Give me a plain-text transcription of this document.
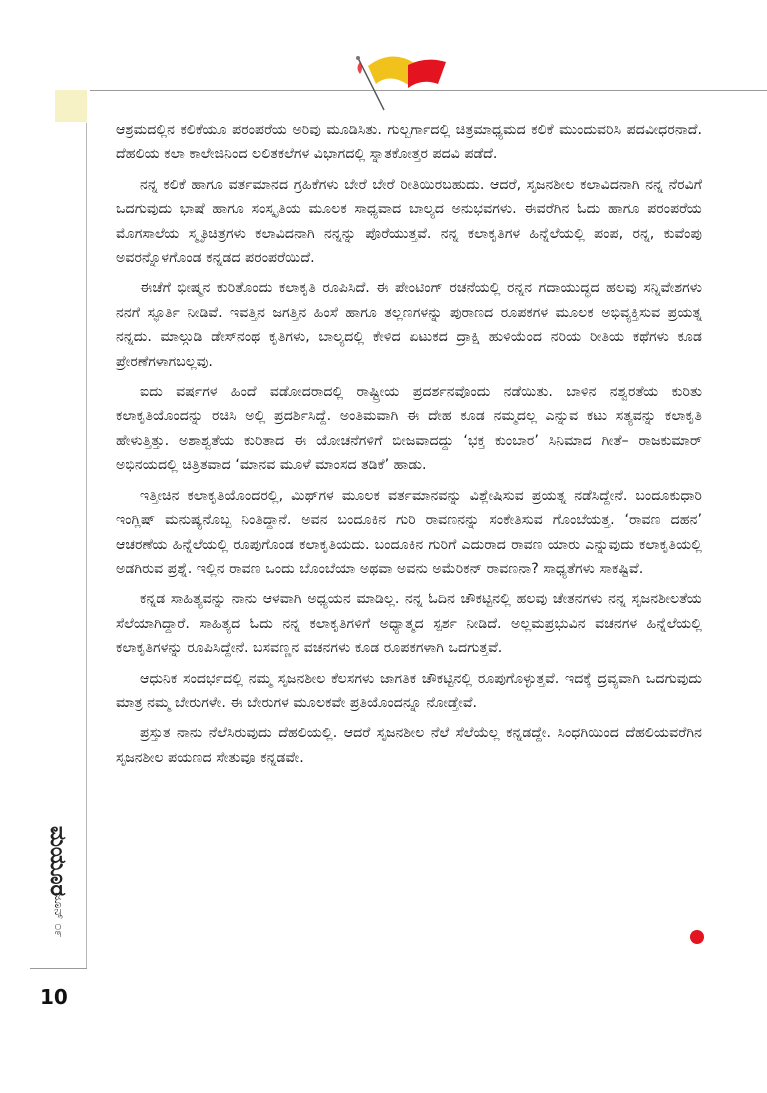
ಮಯೂರ
ಜೂನ್ ೦೯
10

ಆಶ್ರಮದಲ್ಲಿನ ಕಲಿಕೆಯೂ ಪರಂಪರೆಯ ಅರಿವು ಮೂಡಿಸಿತು. ಗುಲ್ಬರ್ಗಾದಲ್ಲಿ ಚಿತ್ರಮಾಧ್ಯಮದ ಕಲಿಕೆ ಮುಂದುವರಿಸಿ ಪದವೀಧರನಾದೆ. ದೆಹಲಿಯ ಕಲಾ ಕಾಲೇಜಿನಿಂದ ಲಲಿತಕಲೆಗಳ ವಿಭಾಗದಲ್ಲಿ ಸ್ನಾತಕೋತ್ತರ ಪದವಿ ಪಡೆದೆ.

ನನ್ನ ಕಲಿಕೆ ಹಾಗೂ ವರ್ತಮಾನದ ಗ್ರಹಿಕೆಗಳು ಬೇರೆ ಬೇರೆ ರೀತಿಯಿರಬಹುದು. ಆದರೆ, ಸೃಜನಶೀಲ ಕಲಾವಿದನಾಗಿ ನನ್ನ ನೆರವಿಗೆ ಒದಗುವುದು ಭಾಷೆ ಹಾಗೂ ಸಂಸ್ಕೃತಿಯ ಮೂಲಕ ಸಾಧ್ಯವಾದ ಬಾಲ್ಯದ ಅನುಭವಗಳು. ಈವರೆಗಿನ ಓದು ಹಾಗೂ ಪರಂಪರೆಯ ಮೊಗಸಾಲೆಯ ಸ್ಮೃತಿಚಿತ್ರಗಳು ಕಲಾವಿದನಾಗಿ ನನ್ನನ್ನು ಪೊರೆಯುತ್ತವೆ. ನನ್ನ ಕಲಾಕೃತಿಗಳ ಹಿನ್ನೆಲೆಯಲ್ಲಿ ಪಂಪ, ರನ್ನ, ಕುವೆಂಪು ಅವರನ್ನೊಳಗೊಂಡ ಕನ್ನಡದ ಪರಂಪರೆಯಿದೆ.

ಈಚೆಗೆ ಭೀಷ್ಮನ ಕುರಿತೊಂದು ಕಲಾಕೃತಿ ರೂಪಿಸಿದೆ. ಈ ಪೇಂಟಿಂಗ್ ರಚನೆಯಲ್ಲಿ ರನ್ನನ ಗದಾಯುದ್ಧದ ಹಲವು ಸನ್ನಿವೇಶಗಳು ನನಗೆ ಸ್ಫೂರ್ತಿ ನೀಡಿವೆ. ಇವತ್ತಿನ ಜಗತ್ತಿನ ಹಿಂಸೆ ಹಾಗೂ ತಲ್ಲಣಗಳನ್ನು ಪುರಾಣದ ರೂಪಕಗಳ ಮೂಲಕ ಅಭಿವ್ಯಕ್ತಿಸುವ ಪ್ರಯತ್ನ ನನ್ನದು. ಮಾಲ್ಗುಡಿ ಡೇಸ್‌ನಂಥ ಕೃತಿಗಳು, ಬಾಲ್ಯದಲ್ಲಿ ಕೇಳಿದ ಏಟುಕದ ದ್ರಾಕ್ಷಿ ಹುಳಿಯೆಂದ ನರಿಯ ರೀತಿಯ ಕಥೆಗಳು ಕೂಡ ಪ್ರೇರಣೆಗಳಾಗಬಲ್ಲವು.

ಐದು ವರ್ಷಗಳ ಹಿಂದೆ ವಡೋದರಾದಲ್ಲಿ ರಾಷ್ಟ್ರೀಯ ಪ್ರದರ್ಶನವೊಂದು ನಡೆಯಿತು. ಬಾಳಿನ ನಶ್ವರತೆಯ ಕುರಿತು ಕಲಾಕೃತಿಯೊಂದನ್ನು ರಚಿಸಿ ಅಲ್ಲಿ ಪ್ರದರ್ಶಿಸಿದ್ದೆ. ಅಂತಿಮವಾಗಿ ಈ ದೇಹ ಕೂಡ ನಮ್ಮದಲ್ಲ ಎನ್ನುವ ಕಟು ಸತ್ಯವನ್ನು ಕಲಾಕೃತಿ ಹೇಳುತ್ತಿತ್ತು. ಅಶಾಶ್ವತೆಯ ಕುರಿತಾದ ಈ ಯೋಚನೆಗಳಿಗೆ ಬೀಜವಾದದ್ದು ‘ಭಕ್ತ ಕುಂಬಾರ’ ಸಿನಿಮಾದ ಗೀತೆ– ರಾಜಕುಮಾರ್ ಅಭಿನಯದಲ್ಲಿ ಚಿತ್ರಿತವಾದ ‘ಮಾನವ ಮೂಳೆ ಮಾಂಸದ ತಡಿಕೆ’ ಹಾಡು.

ಇತ್ತೀಚಿನ ಕಲಾಕೃತಿಯೊಂದರಲ್ಲಿ, ಮಿಥ್‌ಗಳ ಮೂಲಕ ವರ್ತಮಾನವನ್ನು ವಿಶ್ಲೇಷಿಸುವ ಪ್ರಯತ್ನ ನಡೆಸಿದ್ದೇನೆ. ಬಂದೂಕುಧಾರಿ ಇಂಗ್ಲಿಷ್ ಮನುಷ್ಯನೊಬ್ಬ ನಿಂತಿದ್ದಾನೆ. ಅವನ ಬಂದೂಕಿನ ಗುರಿ ರಾವಣನನ್ನು ಸಂಕೇತಿಸುವ ಗೊಂಬೆಯತ್ತ. ‘ರಾವಣ ದಹನ’ ಆಚರಣೆಯ ಹಿನ್ನೆಲೆಯಲ್ಲಿ ರೂಪುಗೊಂಡ ಕಲಾಕೃತಿಯದು. ಬಂದೂಕಿನ ಗುರಿಗೆ ಎದುರಾದ ರಾವಣ ಯಾರು ಎನ್ನುವುದು ಕಲಾಕೃತಿಯಲ್ಲಿ ಅಡಗಿರುವ ಪ್ರಶ್ನೆ. ಇಲ್ಲಿನ ರಾವಣ ಒಂದು ಬೊಂಬೆಯಾ ಅಥವಾ ಅವನು ಅಮೆರಿಕನ್ ರಾವಣನಾ? ಸಾಧ್ಯತೆಗಳು ಸಾಕಷ್ಟಿವೆ.

ಕನ್ನಡ ಸಾಹಿತ್ಯವನ್ನು ನಾನು ಆಳವಾಗಿ ಅಧ್ಯಯನ ಮಾಡಿಲ್ಲ. ನನ್ನ ಓದಿನ ಚೌಕಟ್ಟಿನಲ್ಲಿ ಹಲವು ಚೇತನಗಳು ನನ್ನ ಸೃಜನಶೀಲತೆಯ ಸೆಲೆಯಾಗಿದ್ದಾರೆ. ಸಾಹಿತ್ಯದ ಓದು ನನ್ನ ಕಲಾಕೃತಿಗಳಿಗೆ ಅಧ್ಯಾತ್ಮದ ಸ್ಪರ್ಶ ನೀಡಿದೆ. ಅಲ್ಲಮಪ್ರಭುವಿನ ವಚನಗಳ ಹಿನ್ನೆಲೆಯಲ್ಲಿ ಕಲಾಕೃತಿಗಳನ್ನು ರೂಪಿಸಿದ್ದೇನೆ. ಬಸವಣ್ಣನ ವಚನಗಳು ಕೂಡ ರೂಪಕಗಳಾಗಿ ಒದಗುತ್ತವೆ.

ಆಧುನಿಕ ಸಂದರ್ಭದಲ್ಲಿ ನಮ್ಮ ಸೃಜನಶೀಲ ಕೆಲಸಗಳು ಜಾಗತಿಕ ಚೌಕಟ್ಟಿನಲ್ಲಿ ರೂಪುಗೊಳ್ಳುತ್ತವೆ. ಇದಕ್ಕೆ ದ್ರವ್ಯವಾಗಿ ಒದಗುವುದು ಮಾತ್ರ ನಮ್ಮ ಬೇರುಗಳೇ. ಈ ಬೇರುಗಳ ಮೂಲಕವೇ ಪ್ರತಿಯೊಂದನ್ನೂ ನೋಡ್ತೇವೆ.

ಪ್ರಸ್ತುತ ನಾನು ನೆಲೆಸಿರುವುದು ದೆಹಲಿಯಲ್ಲಿ. ಆದರೆ ಸೃಜನಶೀಲ ನೆಲೆ ಸೆಲೆಯೆಲ್ಲ ಕನ್ನಡದ್ದೇ. ಸಿಂಧಗಿಯಿಂದ ದೆಹಲಿಯವರೆಗಿನ ಸೃಜನಶೀಲ ಪಯಣದ ಸೇತುವೂ ಕನ್ನಡವೇ.
